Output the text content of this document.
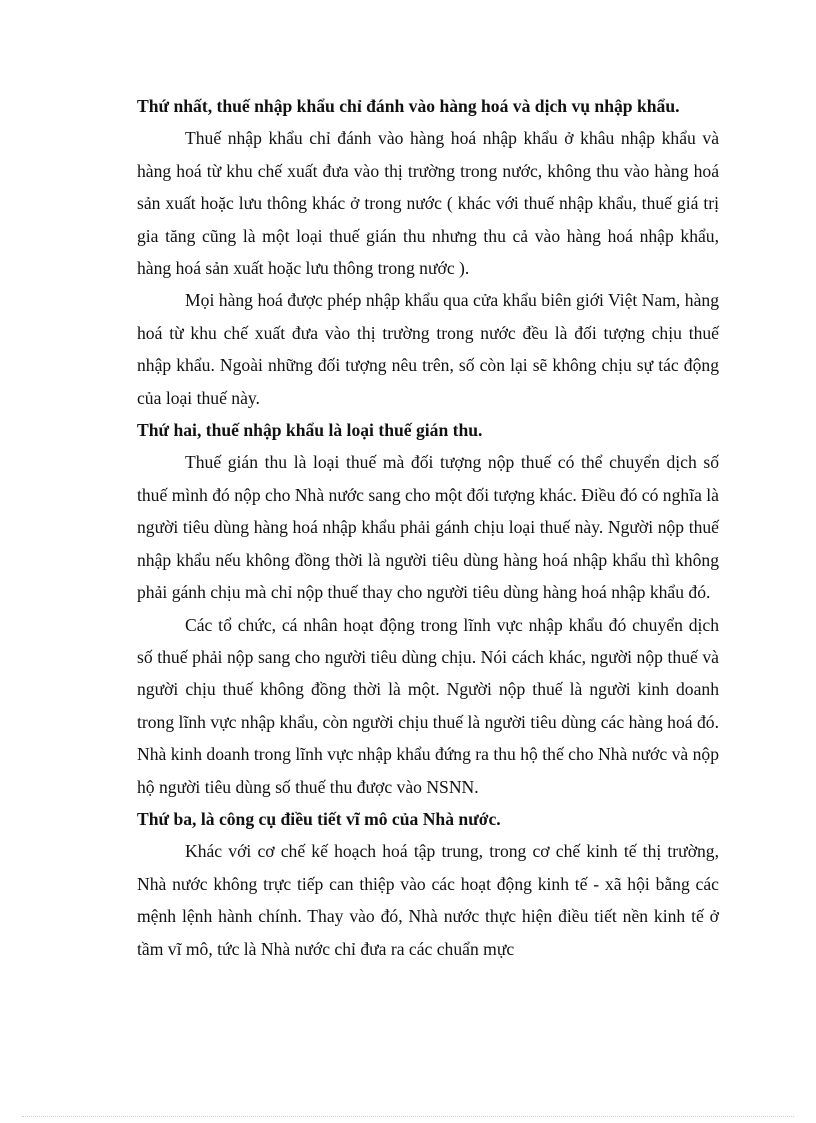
Thứ nhất, thuế nhập khẩu chỉ đánh vào hàng hoá và dịch vụ nhập khẩu.

Thuế nhập khẩu chỉ đánh vào hàng hoá nhập khẩu ở khâu nhập khẩu và hàng hoá từ khu chế xuất đưa vào thị trường trong nước, không thu vào hàng hoá sản xuất hoặc lưu thông khác ở trong nước ( khác với thuế nhập khẩu, thuế giá trị gia tăng cũng là một loại thuế gián thu nhưng thu cả vào hàng hoá nhập khẩu, hàng hoá sản xuất hoặc lưu thông trong nước ).

Mọi hàng hoá được phép nhập khẩu qua cửa khẩu biên giới Việt Nam, hàng hoá từ khu chế xuất đưa vào thị trường trong nước đều là đối tượng chịu thuế nhập khẩu. Ngoài những đối tượng nêu trên, số còn lại sẽ không chịu sự tác động của loại thuế này.

Thứ hai, thuế nhập khẩu là loại thuế gián thu.

Thuế gián thu là loại thuế mà đối tượng nộp thuế có thể chuyển dịch số thuế mình đó nộp cho Nhà nước sang cho một đối tượng khác. Điều đó có nghĩa là người tiêu dùng hàng hoá nhập khẩu phải gánh chịu loại thuế này. Người nộp thuế nhập khẩu nếu không đồng thời là người tiêu dùng hàng hoá nhập khẩu thì không phải gánh chịu mà chỉ nộp thuế thay cho người tiêu dùng hàng hoá nhập khẩu đó.

Các tổ chức, cá nhân hoạt động trong lĩnh vực nhập khẩu đó chuyển dịch số thuế phải nộp sang cho người tiêu dùng chịu. Nói cách khác, người nộp thuế và người chịu thuế không đồng thời là một. Người nộp thuế là người kinh doanh trong lĩnh vực nhập khẩu, còn người chịu thuế là người tiêu dùng các hàng hoá đó. Nhà kinh doanh trong lĩnh vực nhập khẩu đứng ra thu hộ thế cho Nhà nước và nộp hộ người tiêu dùng số thuế thu được vào NSNN.

Thứ ba, là công cụ điều tiết vĩ mô của Nhà nước.

Khác với cơ chế kế hoạch hoá tập trung, trong cơ chế kinh tế thị trường, Nhà nước không trực tiếp can thiệp vào các hoạt động kinh tế - xã hội bằng các mệnh lệnh hành chính. Thay vào đó, Nhà nước thực hiện điều tiết nền kinh tế ở tầm vĩ mô, tức là Nhà nước chỉ đưa ra các chuẩn mực
